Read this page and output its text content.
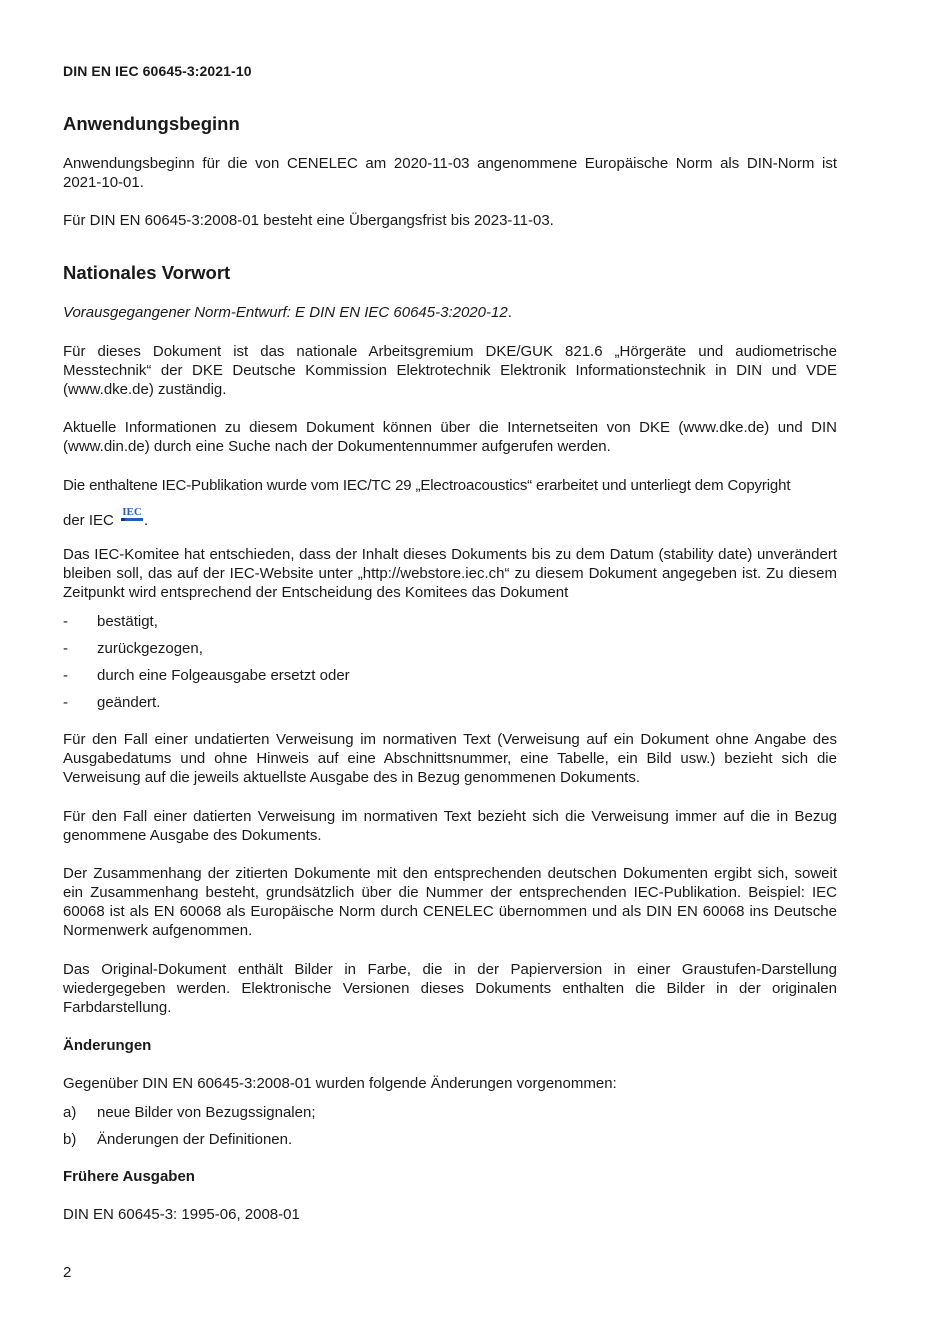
DIN EN IEC 60645-3:2021-10
Anwendungsbeginn
Anwendungsbeginn für die von CENELEC am 2020-11-03 angenommene Europäische Norm als DIN-Norm ist 2021-10-01.
Für DIN EN 60645-3:2008-01 besteht eine Übergangsfrist bis 2023-11-03.
Nationales Vorwort
Vorausgegangener Norm-Entwurf: E DIN EN IEC 60645-3:2020-12.
Für dieses Dokument ist das nationale Arbeitsgremium DKE/GUK 821.6 „Hörgeräte und audiometrische Messtechnik“ der DKE Deutsche Kommission Elektrotechnik Elektronik Informationstechnik in DIN und VDE (www.dke.de) zuständig.
Aktuelle Informationen zu diesem Dokument können über die Internetseiten von DKE (www.dke.de) und DIN (www.din.de) durch eine Suche nach der Dokumentennummer aufgerufen werden.
Die enthaltene IEC-Publikation wurde vom IEC/TC 29 „Electroacoustics“ erarbeitet und unterliegt dem Copyright
der IEC IEC .
Das IEC-Komitee hat entschieden, dass der Inhalt dieses Dokuments bis zu dem Datum (stability date) unverändert bleiben soll, das auf der IEC-Website unter „http://webstore.iec.ch“ zu diesem Dokument angegeben ist. Zu diesem Zeitpunkt wird entsprechend der Entscheidung des Komitees das Dokument
- bestätigt,
- zurückgezogen,
- durch eine Folgeausgabe ersetzt oder
- geändert.
Für den Fall einer undatierten Verweisung im normativen Text (Verweisung auf ein Dokument ohne Angabe des Ausgabedatums und ohne Hinweis auf eine Abschnittsnummer, eine Tabelle, ein Bild usw.) bezieht sich die Verweisung auf die jeweils aktuellste Ausgabe des in Bezug genommenen Dokuments.
Für den Fall einer datierten Verweisung im normativen Text bezieht sich die Verweisung immer auf die in Bezug genommene Ausgabe des Dokuments.
Der Zusammenhang der zitierten Dokumente mit den entsprechenden deutschen Dokumenten ergibt sich, soweit ein Zusammenhang besteht, grundsätzlich über die Nummer der entsprechenden IEC-Publikation. Beispiel: IEC 60068 ist als EN 60068 als Europäische Norm durch CENELEC übernommen und als DIN EN 60068 ins Deutsche Normenwerk aufgenommen.
Das Original-Dokument enthält Bilder in Farbe, die in der Papierversion in einer Graustufen-Darstellung wiedergegeben werden. Elektronische Versionen dieses Dokuments enthalten die Bilder in der originalen Farbdarstellung.
Änderungen
Gegenüber DIN EN 60645-3:2008-01 wurden folgende Änderungen vorgenommen:
a) neue Bilder von Bezugssignalen;
b) Änderungen der Definitionen.
Frühere Ausgaben
DIN EN 60645-3: 1995-06, 2008-01
2
